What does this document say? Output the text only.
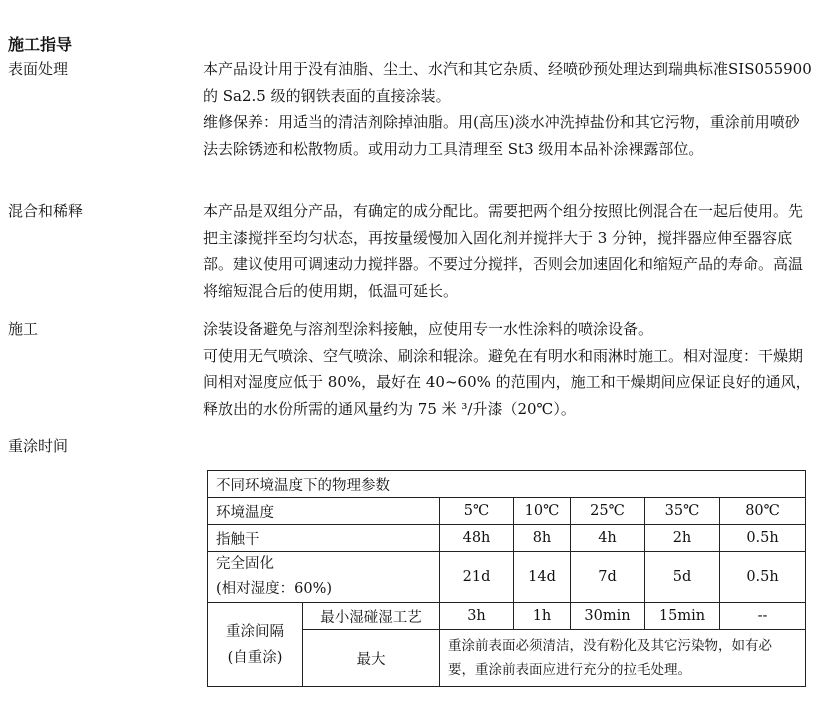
施工指导
表面处理	本产品设计用于没有油脂、尘土、水汽和其它杂质、经喷砂预处理达到瑞典标准SIS055900 的 Sa2.5 级的钢铁表面的直接涂装。

维修保养：用适当的清洁剂除掉油脂。用(高压)淡水冲洗掉盐份和其它污物，重涂前用喷砂法去除锈迹和松散物质。或用动力工具清理至 St3 级用本品补涂裸露部位。

混合和稀释	本产品是双组分产品，有确定的成分配比。需要把两个组分按照比例混合在一起后使用。先把主漆搅拌至均匀状态，再按量缓慢加入固化剂并搅拌大于 3 分钟，搅拌器应伸至器容底部。建议使用可调速动力搅拌器。不要过分搅拌，否则会加速固化和缩短产品的寿命。高温将缩短混合后的使用期，低温可延长。

施工	涂装设备避免与溶剂型涂料接触，应使用专一水性涂料的喷涂设备。

可使用无气喷涂、空气喷涂、刷涂和辊涂。避免在有明水和雨淋时施工。相对湿度：干燥期间相对湿度应低于 80%，最好在 40~60% 的范围内，施工和干燥期间应保证良好的通风，释放出的水份所需的通风量约为 75 米 ³/升漆（20℃）。

重涂时间
不同环境温度下的物理参数						
环境温度		5℃	10℃	25℃	35℃	80℃
指触干		48h	8h	4h	2h	0.5h

完全固化
(相对湿度：60%)		21d	14d	7d	5d	0.5h

重涂间隔
(自重涂)	最小湿碰湿工艺	3h	1h	30min	15min	--
	最大	重涂前表面必须清洁，没有粉化及其它污染物，如有必要，重涂前表面应进行充分的拉毛处理。				
